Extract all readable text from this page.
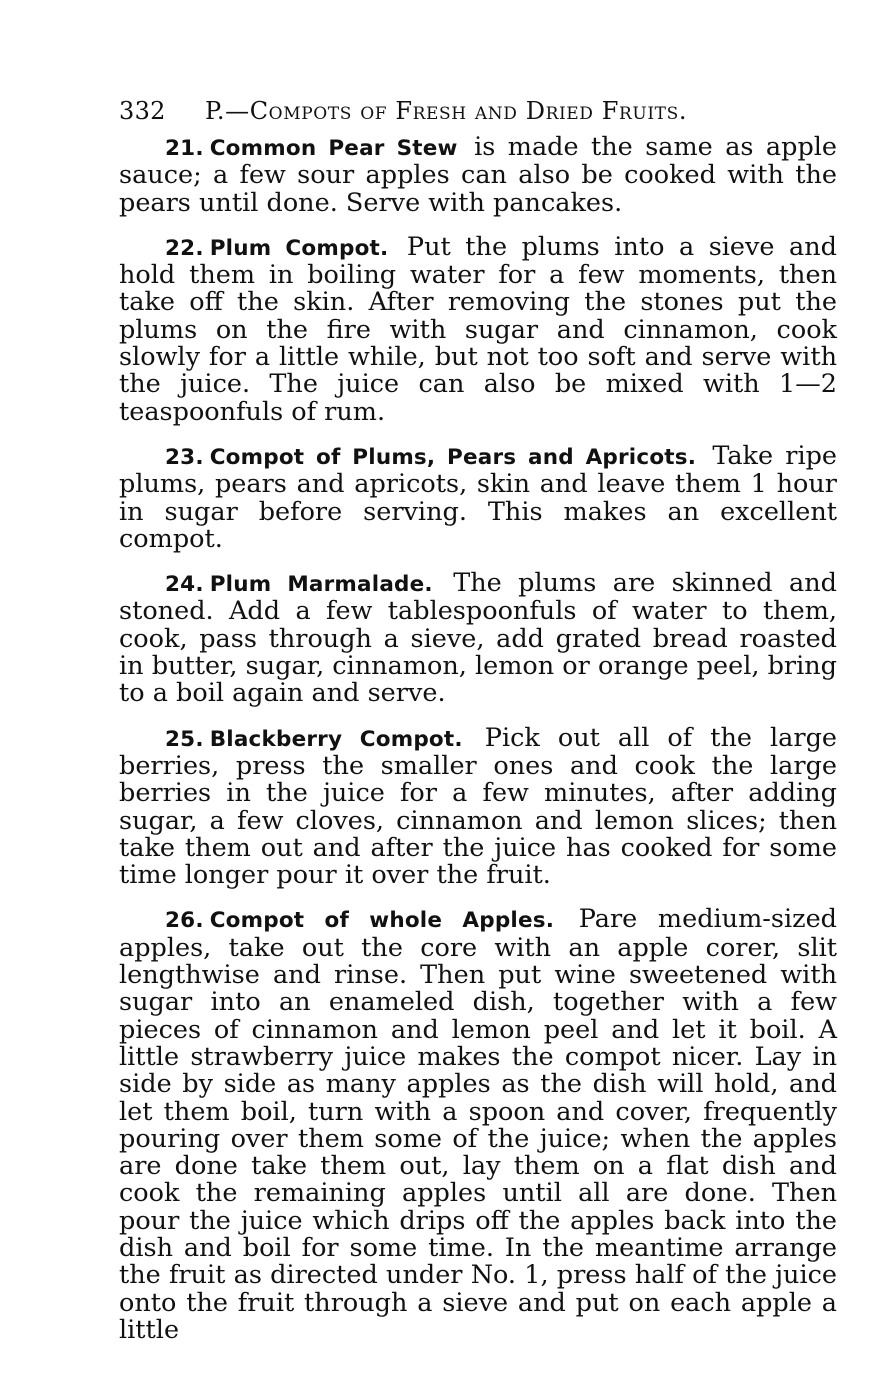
332	P.—Compots of Fresh and Dried Fruits.

21. Common Pear Stew is made the same as apple sauce; a few sour apples can also be cooked with the pears until done. Serve with pancakes.

22. Plum Compot. Put the plums into a sieve and hold them in boiling water for a few moments, then take off the skin. After removing the stones put the plums on the fire with sugar and cinnamon, cook slowly for a little while, but not too soft and serve with the juice. The juice can also be mixed with 1—2 teaspoonfuls of rum.

23. Compot of Plums, Pears and Apricots. Take ripe plums, pears and apricots, skin and leave them 1 hour in sugar before serving. This makes an excellent compot.

24. Plum Marmalade. The plums are skinned and stoned. Add a few tablespoonfuls of water to them, cook, pass through a sieve, add grated bread roasted in butter, sugar, cinnamon, lemon or orange peel, bring to a boil again and serve.

25. Blackberry Compot. Pick out all of the large berries, press the smaller ones and cook the large berries in the juice for a few minutes, after adding sugar, a few cloves, cinnamon and lemon slices; then take them out and after the juice has cooked for some time longer pour it over the fruit.

26. Compot of whole Apples. Pare medium-sized apples, take out the core with an apple corer, slit lengthwise and rinse. Then put wine sweetened with sugar into an enameled dish, together with a few pieces of cinnamon and lemon peel and let it boil. A little strawberry juice makes the compot nicer. Lay in side by side as many apples as the dish will hold, and let them boil, turn with a spoon and cover, frequently pouring over them some of the juice; when the apples are done take them out, lay them on a flat dish and cook the remaining apples until all are done. Then pour the juice which drips off the apples back into the dish and boil for some time. In the meantime arrange the fruit as directed under No. 1, press half of the juice onto the fruit through a sieve and put on each apple a little
